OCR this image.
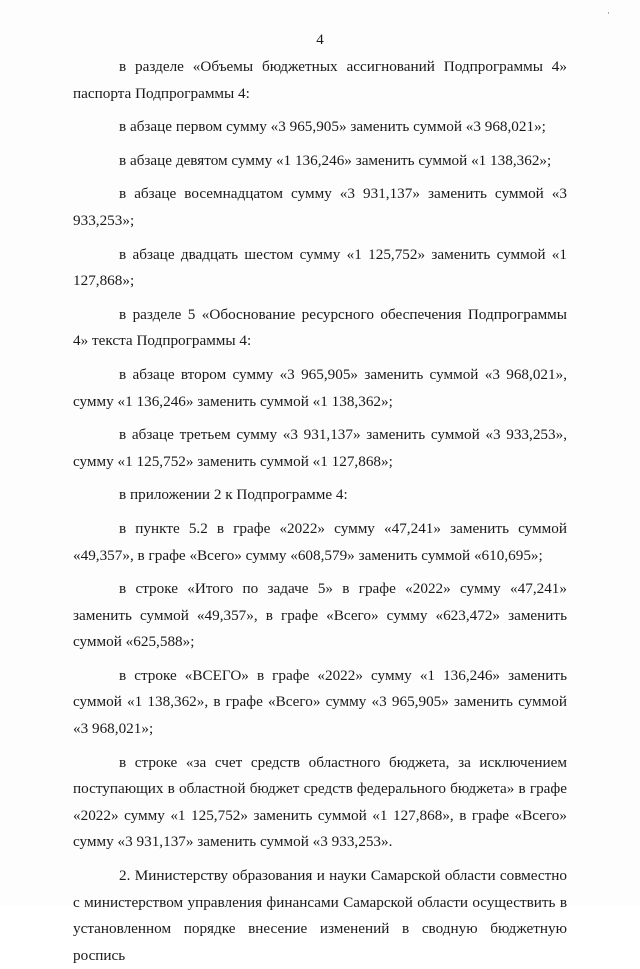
·
4

в разделе «Объемы бюджетных ассигнований Подпрограммы 4» паспорта Подпрограммы 4:

в абзаце первом сумму «3 965,905» заменить суммой «3 968,021»;

в абзаце девятом сумму «1 136,246» заменить суммой «1 138,362»;

в абзаце восемнадцатом сумму «3 931,137» заменить суммой «3 933,253»;

в абзаце двадцать шестом сумму «1 125,752» заменить суммой «1 127,868»;

в разделе 5 «Обоснование ресурсного обеспечения Подпрограммы 4» текста Подпрограммы 4:

в абзаце втором сумму «3 965,905» заменить суммой «3 968,021», сумму «1 136,246» заменить суммой «1 138,362»;

в абзаце третьем сумму «3 931,137» заменить суммой «3 933,253», сумму «1 125,752» заменить суммой «1 127,868»;

в приложении 2 к Подпрограмме 4:

в пункте 5.2 в графе «2022» сумму «47,241» заменить суммой «49,357», в графе «Всего» сумму «608,579» заменить суммой «610,695»;

в строке «Итого по задаче 5» в графе «2022» сумму «47,241» заменить суммой «49,357», в графе «Всего» сумму «623,472» заменить суммой «625,588»;

в строке «ВСЕГО» в графе «2022» сумму «1 136,246» заменить суммой «1 138,362», в графе «Всего» сумму «3 965,905» заменить суммой «3 968,021»;

в строке «за счет средств областного бюджета, за исключением поступающих в областной бюджет средств федерального бюджета» в графе «2022» сумму «1 125,752» заменить суммой «1 127,868», в графе «Всего» сумму «3 931,137» заменить суммой «3 933,253».

2. Министерству образования и науки Самарской области совместно с министерством управления финансами Самарской области осуществить в установленном порядке внесение изменений в сводную бюджетную роспись
